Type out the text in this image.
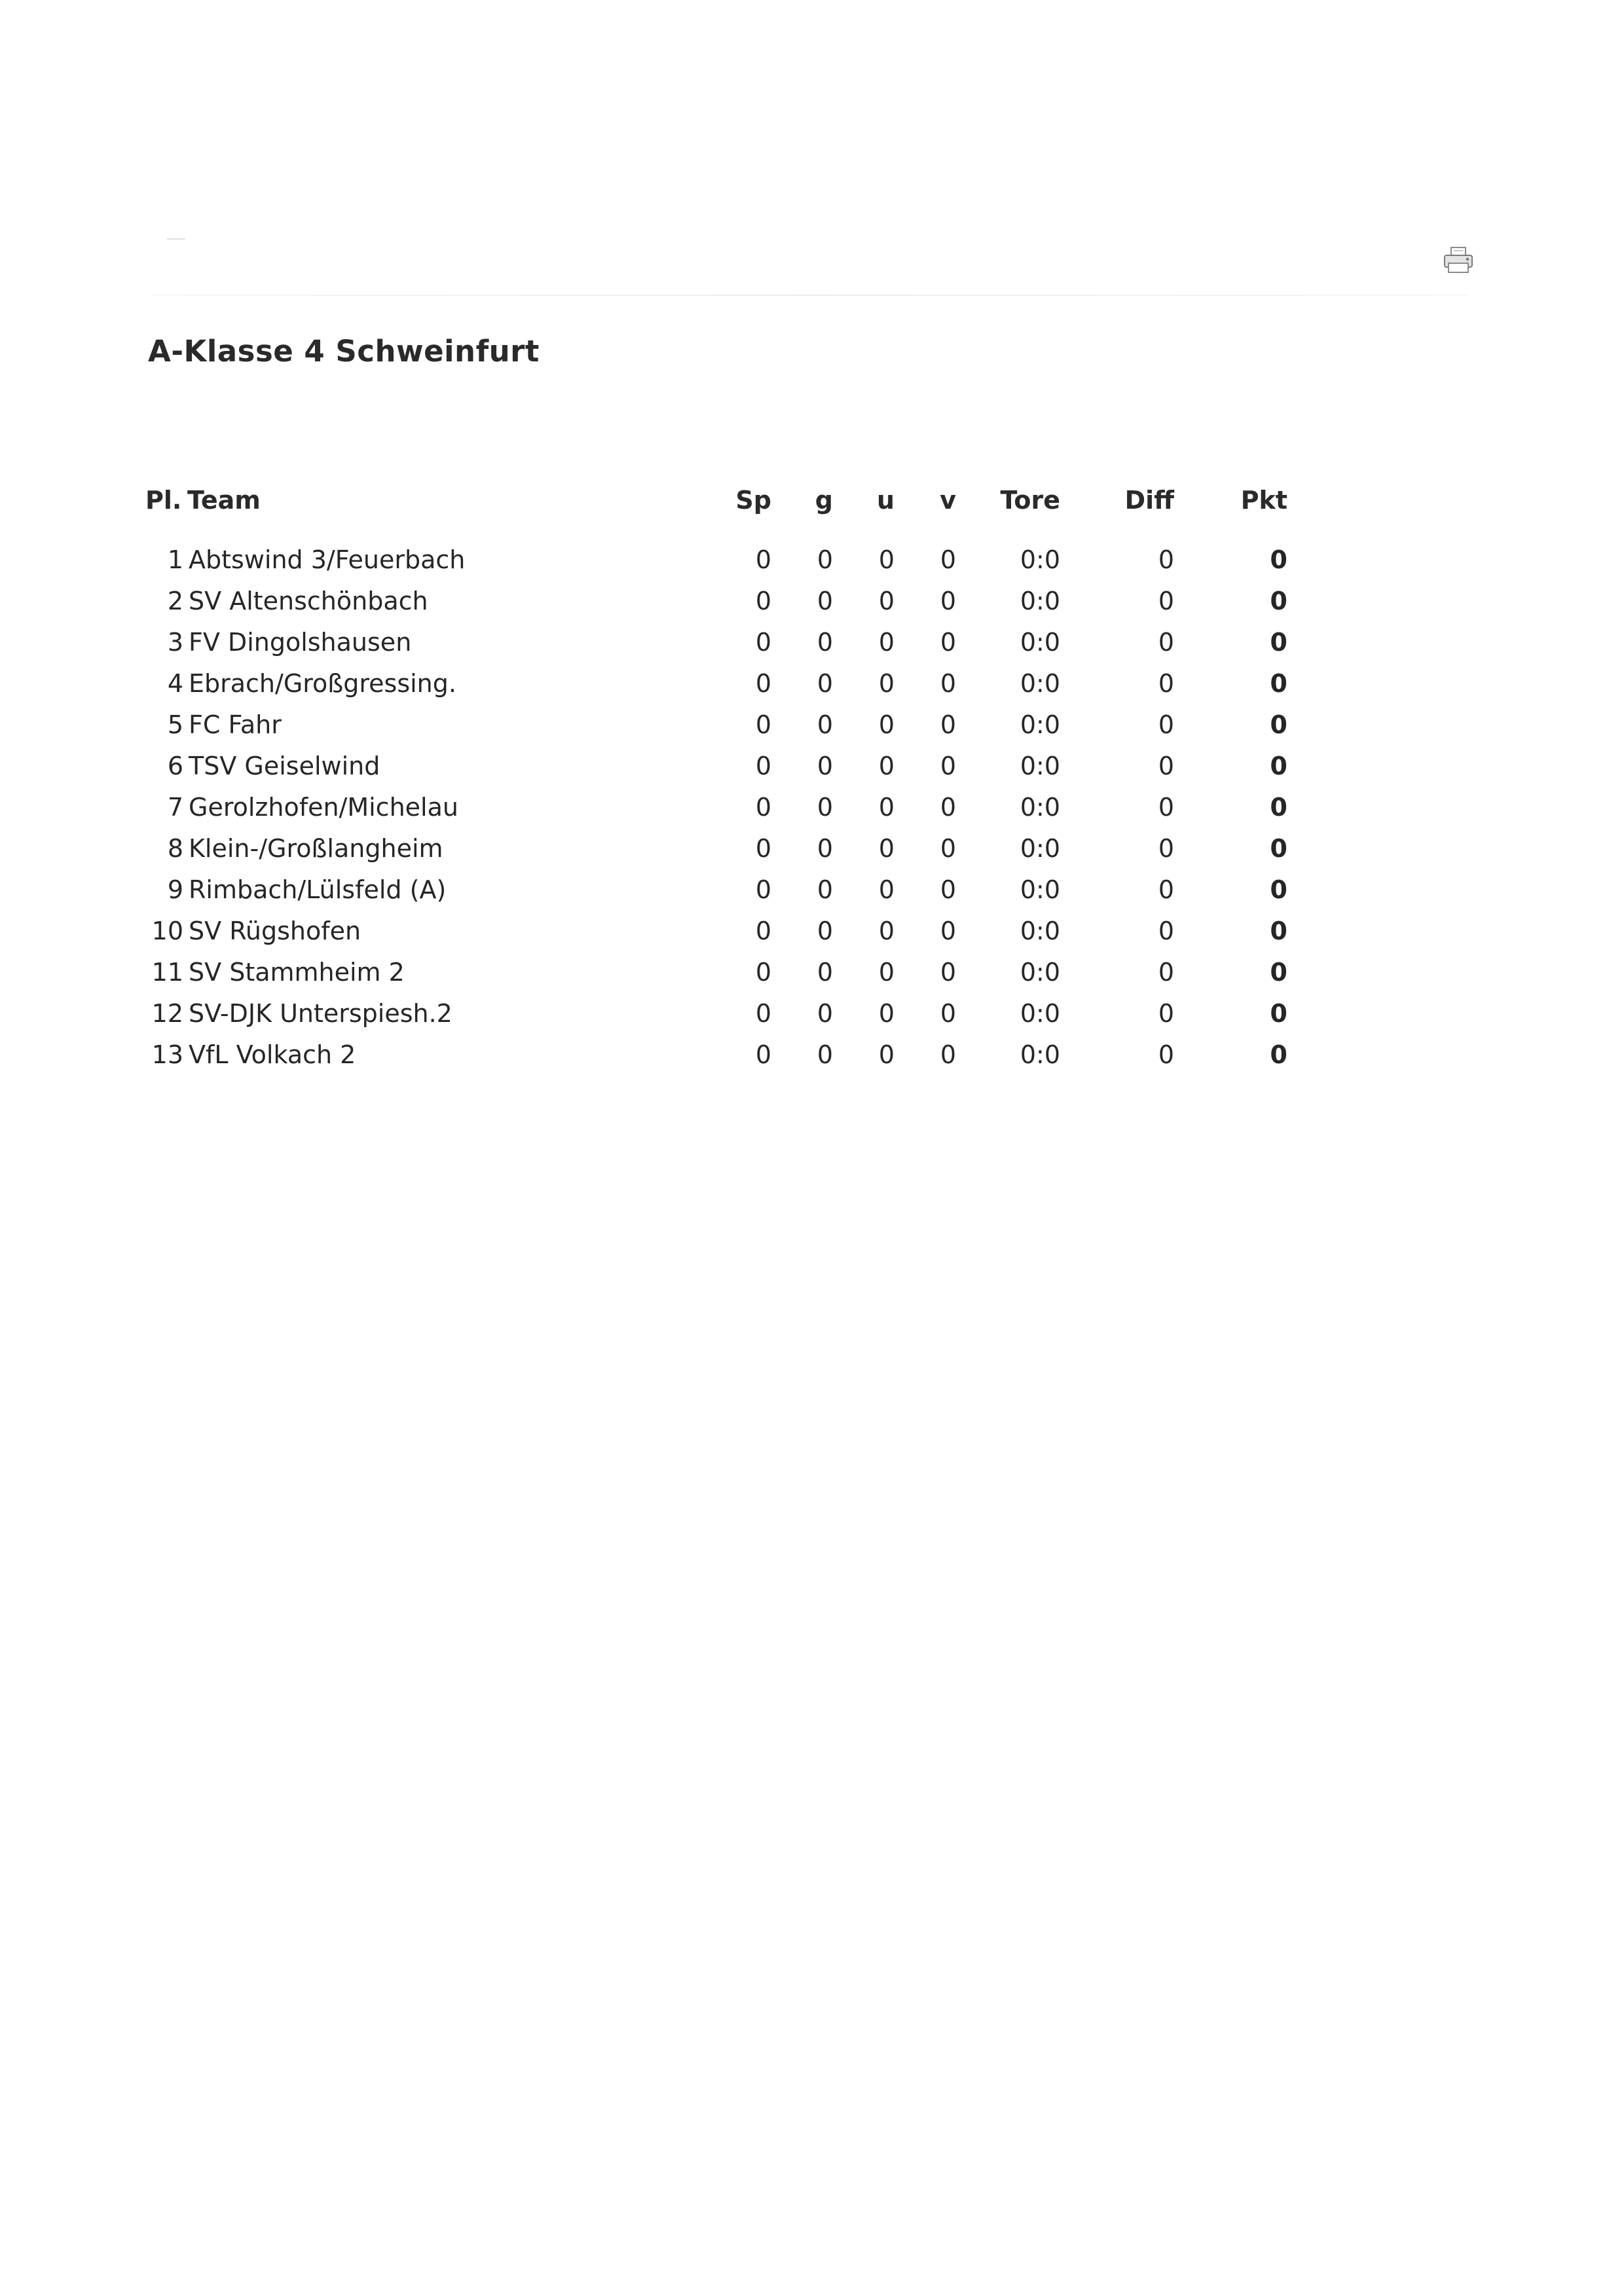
A-Klasse 4 Schweinfurt
Pl.	Team	Sp	g	u	v	Tore	Diff	Pkt

1	Abtswind 3/Feuerbach	0	0	0	0	0:0	0	0
2	SV Altenschönbach	0	0	0	0	0:0	0	0
3	FV Dingolshausen	0	0	0	0	0:0	0	0
4	Ebrach/Großgressing.	0	0	0	0	0:0	0	0
5	FC Fahr	0	0	0	0	0:0	0	0
6	TSV Geiselwind	0	0	0	0	0:0	0	0
7	Gerolzhofen/Michelau	0	0	0	0	0:0	0	0
8	Klein-/Großlangheim	0	0	0	0	0:0	0	0
9	Rimbach/Lülsfeld (A)	0	0	0	0	0:0	0	0
10	SV Rügshofen	0	0	0	0	0:0	0	0
11	SV Stammheim 2	0	0	0	0	0:0	0	0
12	SV-DJK Unterspiesh.2	0	0	0	0	0:0	0	0
13	VfL Volkach 2	0	0	0	0	0:0	0	0
